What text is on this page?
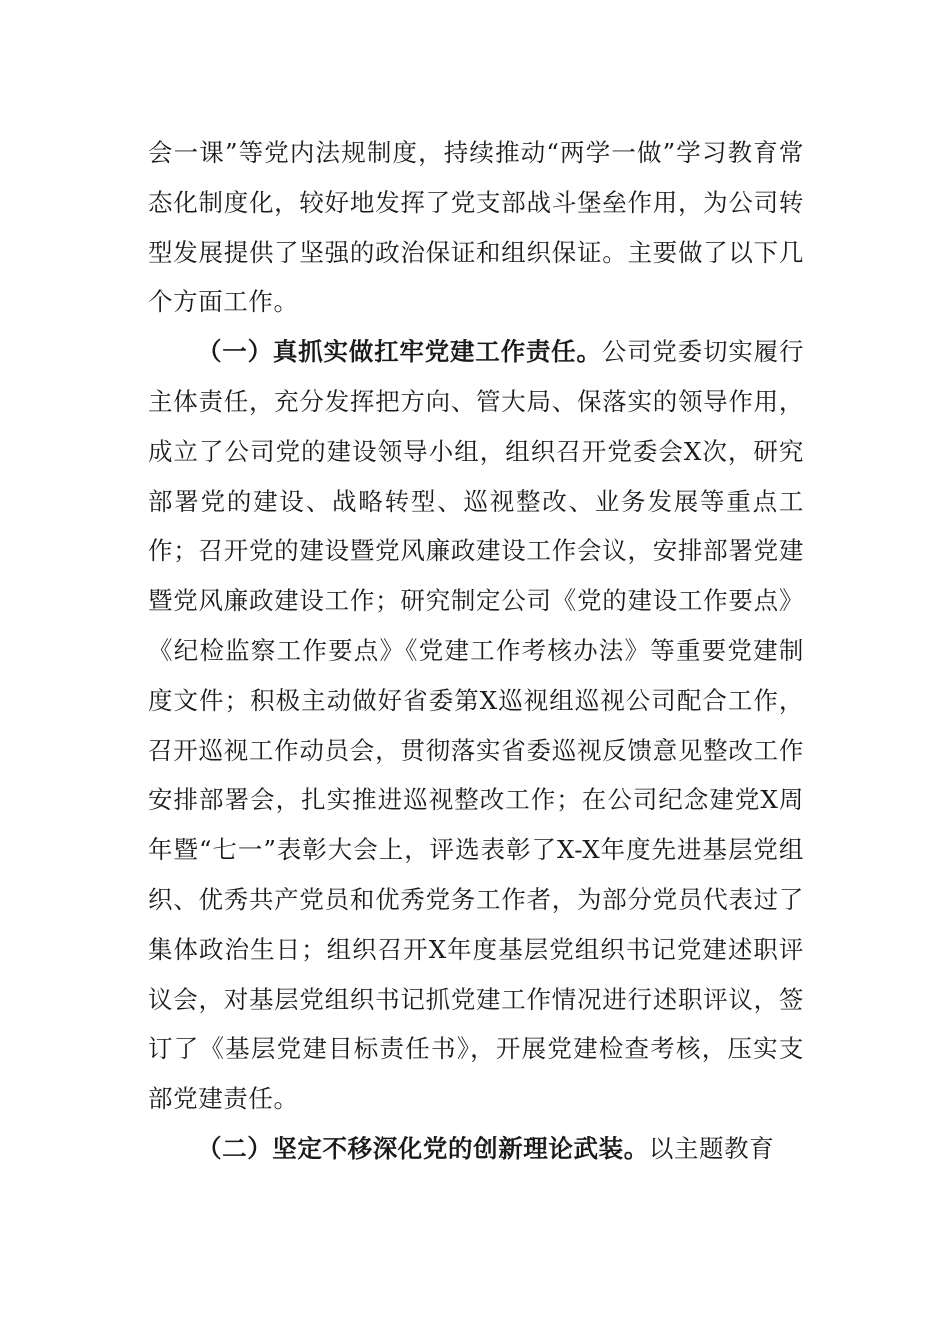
会一课”等党内法规制度，持续推动“两学一做”学习教育常态化制度化，较好地发挥了党支部战斗堡垒作用，为公司转型发展提供了坚强的政治保证和组织保证。主要做了以下几个方面工作。

（一）真抓实做扛牢党建工作责任。公司党委切实履行主体责任，充分发挥把方向、管大局、保落实的领导作用，成立了公司党的建设领导小组，组织召开党委会X次，研究部署党的建设、战略转型、巡视整改、业务发展等重点工作；召开党的建设暨党风廉政建设工作会议，安排部署党建暨党风廉政建设工作；研究制定公司《党的建设工作要点》《纪检监察工作要点》《党建工作考核办法》等重要党建制度文件；积极主动做好省委第X巡视组巡视公司配合工作，召开巡视工作动员会，贯彻落实省委巡视反馈意见整改工作安排部署会，扎实推进巡视整改工作；在公司纪念建党X周年暨“七一”表彰大会上，评选表彰了X-X年度先进基层党组织、优秀共产党员和优秀党务工作者，为部分党员代表过了集体政治生日；组织召开X年度基层党组织书记党建述职评议会，对基层党组织书记抓党建工作情况进行述职评议，签订了《基层党建目标责任书》，开展党建检查考核，压实支部党建责任。

（二）坚定不移深化党的创新理论武装。以主题教育
